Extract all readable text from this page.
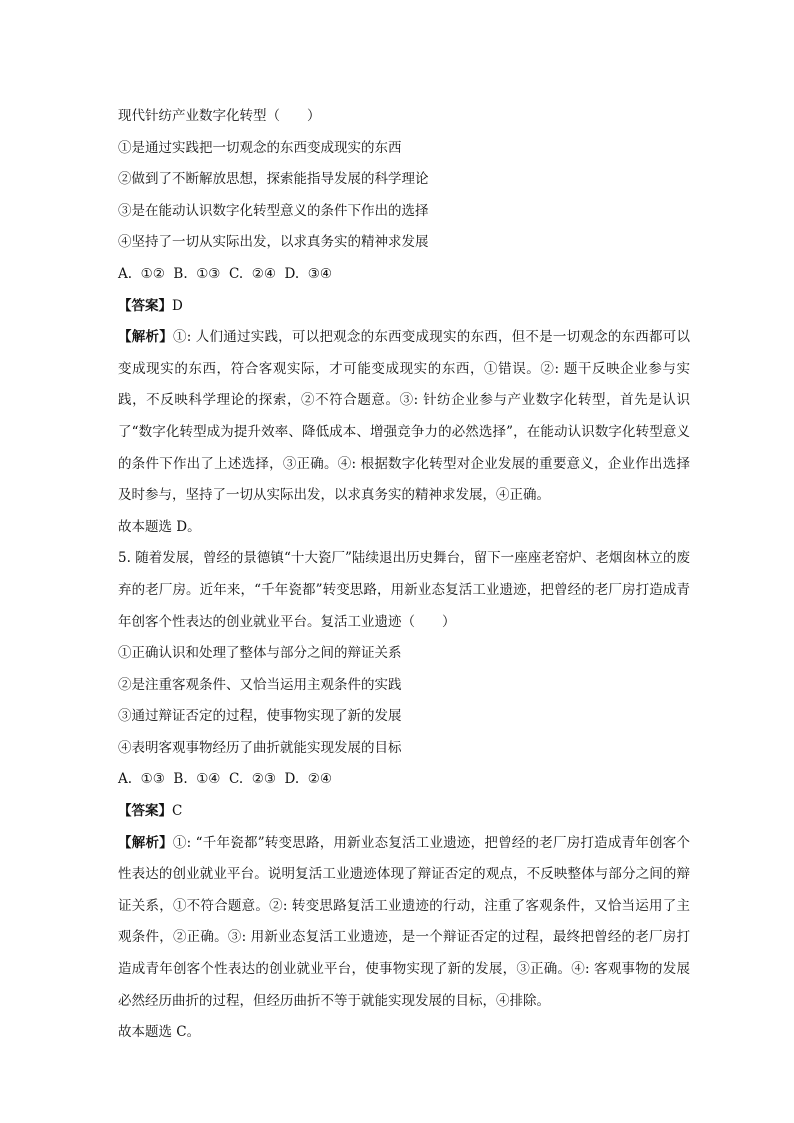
现代针纺产业数字化转型（　　）
①是通过实践把一切观念的东西变成现实的东西
②做到了不断解放思想，探索能指导发展的科学理论
③是在能动认识数字化转型意义的条件下作出的选择
④坚持了一切从实际出发，以求真务实的精神求发展
A.  ①②  B.  ①③  C.  ②④  D.  ③④
【答案】D
【解析】①: 人们通过实践，可以把观念的东西变成现实的东西，但不是一切观念的东西都可以变成现实的东西，符合客观实际，才可能变成现实的东西，①错误。②: 题干反映企业参与实践，不反映科学理论的探索，②不符合题意。③: 针纺企业参与产业数字化转型，首先是认识了“数字化转型成为提升效率、降低成本、增强竞争力的必然选择”，在能动认识数字化转型意义的条件下作出了上述选择，③正确。④: 根据数字化转型对企业发展的重要意义，企业作出选择及时参与，坚持了一切从实际出发，以求真务实的精神求发展，④正确。
故本题选 D。
5. 随着发展，曾经的景德镇“十大瓷厂”陆续退出历史舞台，留下一座座老窑炉、老烟囱林立的废弃的老厂房。近年来，“千年瓷都”转变思路，用新业态复活工业遗迹，把曾经的老厂房打造成青年创客个性表达的创业就业平台。复活工业遗迹（　　）
①正确认识和处理了整体与部分之间的辩证关系
②是注重客观条件、又恰当运用主观条件的实践
③通过辩证否定的过程，使事物实现了新的发展
④表明客观事物经历了曲折就能实现发展的目标
A.  ①③  B.  ①④  C.  ②③  D.  ②④
【答案】C
【解析】①: “千年瓷都”转变思路，用新业态复活工业遗迹，把曾经的老厂房打造成青年创客个性表达的创业就业平台。说明复活工业遗迹体现了辩证否定的观点，不反映整体与部分之间的辩证关系，①不符合题意。②: 转变思路复活工业遗迹的行动，注重了客观条件，又恰当运用了主观条件，②正确。③: 用新业态复活工业遗迹，是一个辩证否定的过程，最终把曾经的老厂房打造成青年创客个性表达的创业就业平台，使事物实现了新的发展，③正确。④: 客观事物的发展必然经历曲折的过程，但经历曲折不等于就能实现发展的目标，④排除。
故本题选 C。
